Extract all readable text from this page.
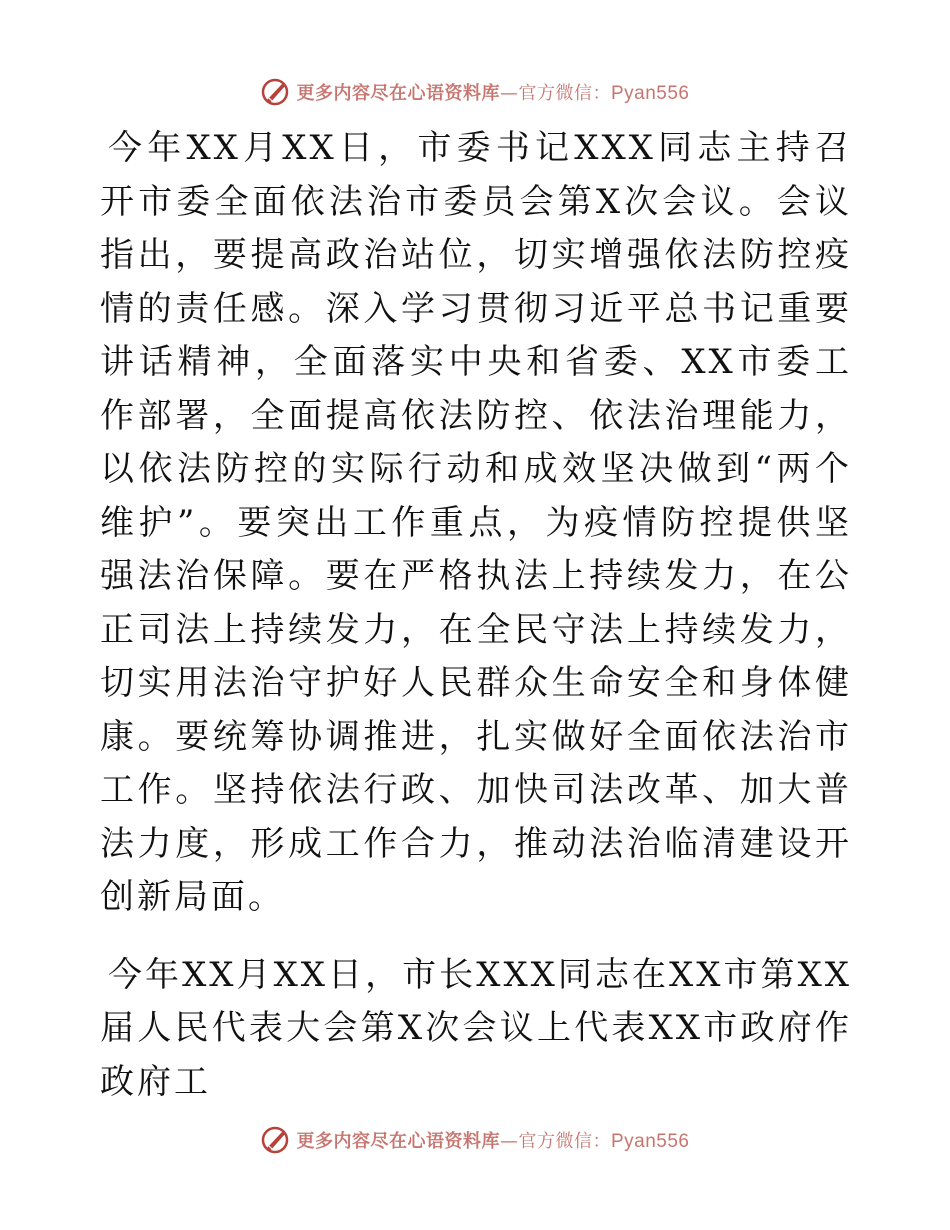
更多内容尽在心语资料库—官方微信：Pyan556

今年XX月XX日，市委书记XXX同志主持召开市委全面依法治市委员会第X次会议。会议指出，要提高政治站位，切实增强依法防控疫情的责任感。深入学习贯彻习近平总书记重要讲话精神，全面落实中央和省委、XX市委工作部署，全面提高依法防控、依法治理能力，以依法防控的实际行动和成效坚决做到“两个维护”。要突出工作重点，为疫情防控提供坚强法治保障。要在严格执法上持续发力，在公正司法上持续发力，在全民守法上持续发力，切实用法治守护好人民群众生命安全和身体健康。要统筹协调推进，扎实做好全面依法治市工作。坚持依法行政、加快司法改革、加大普法力度，形成工作合力，推动法治临清建设开创新局面。

今年XX月XX日，市长XXX同志在XX市第XX届人民代表大会第X次会议上代表XX市政府作政府工

更多内容尽在心语资料库—官方微信：Pyan556
